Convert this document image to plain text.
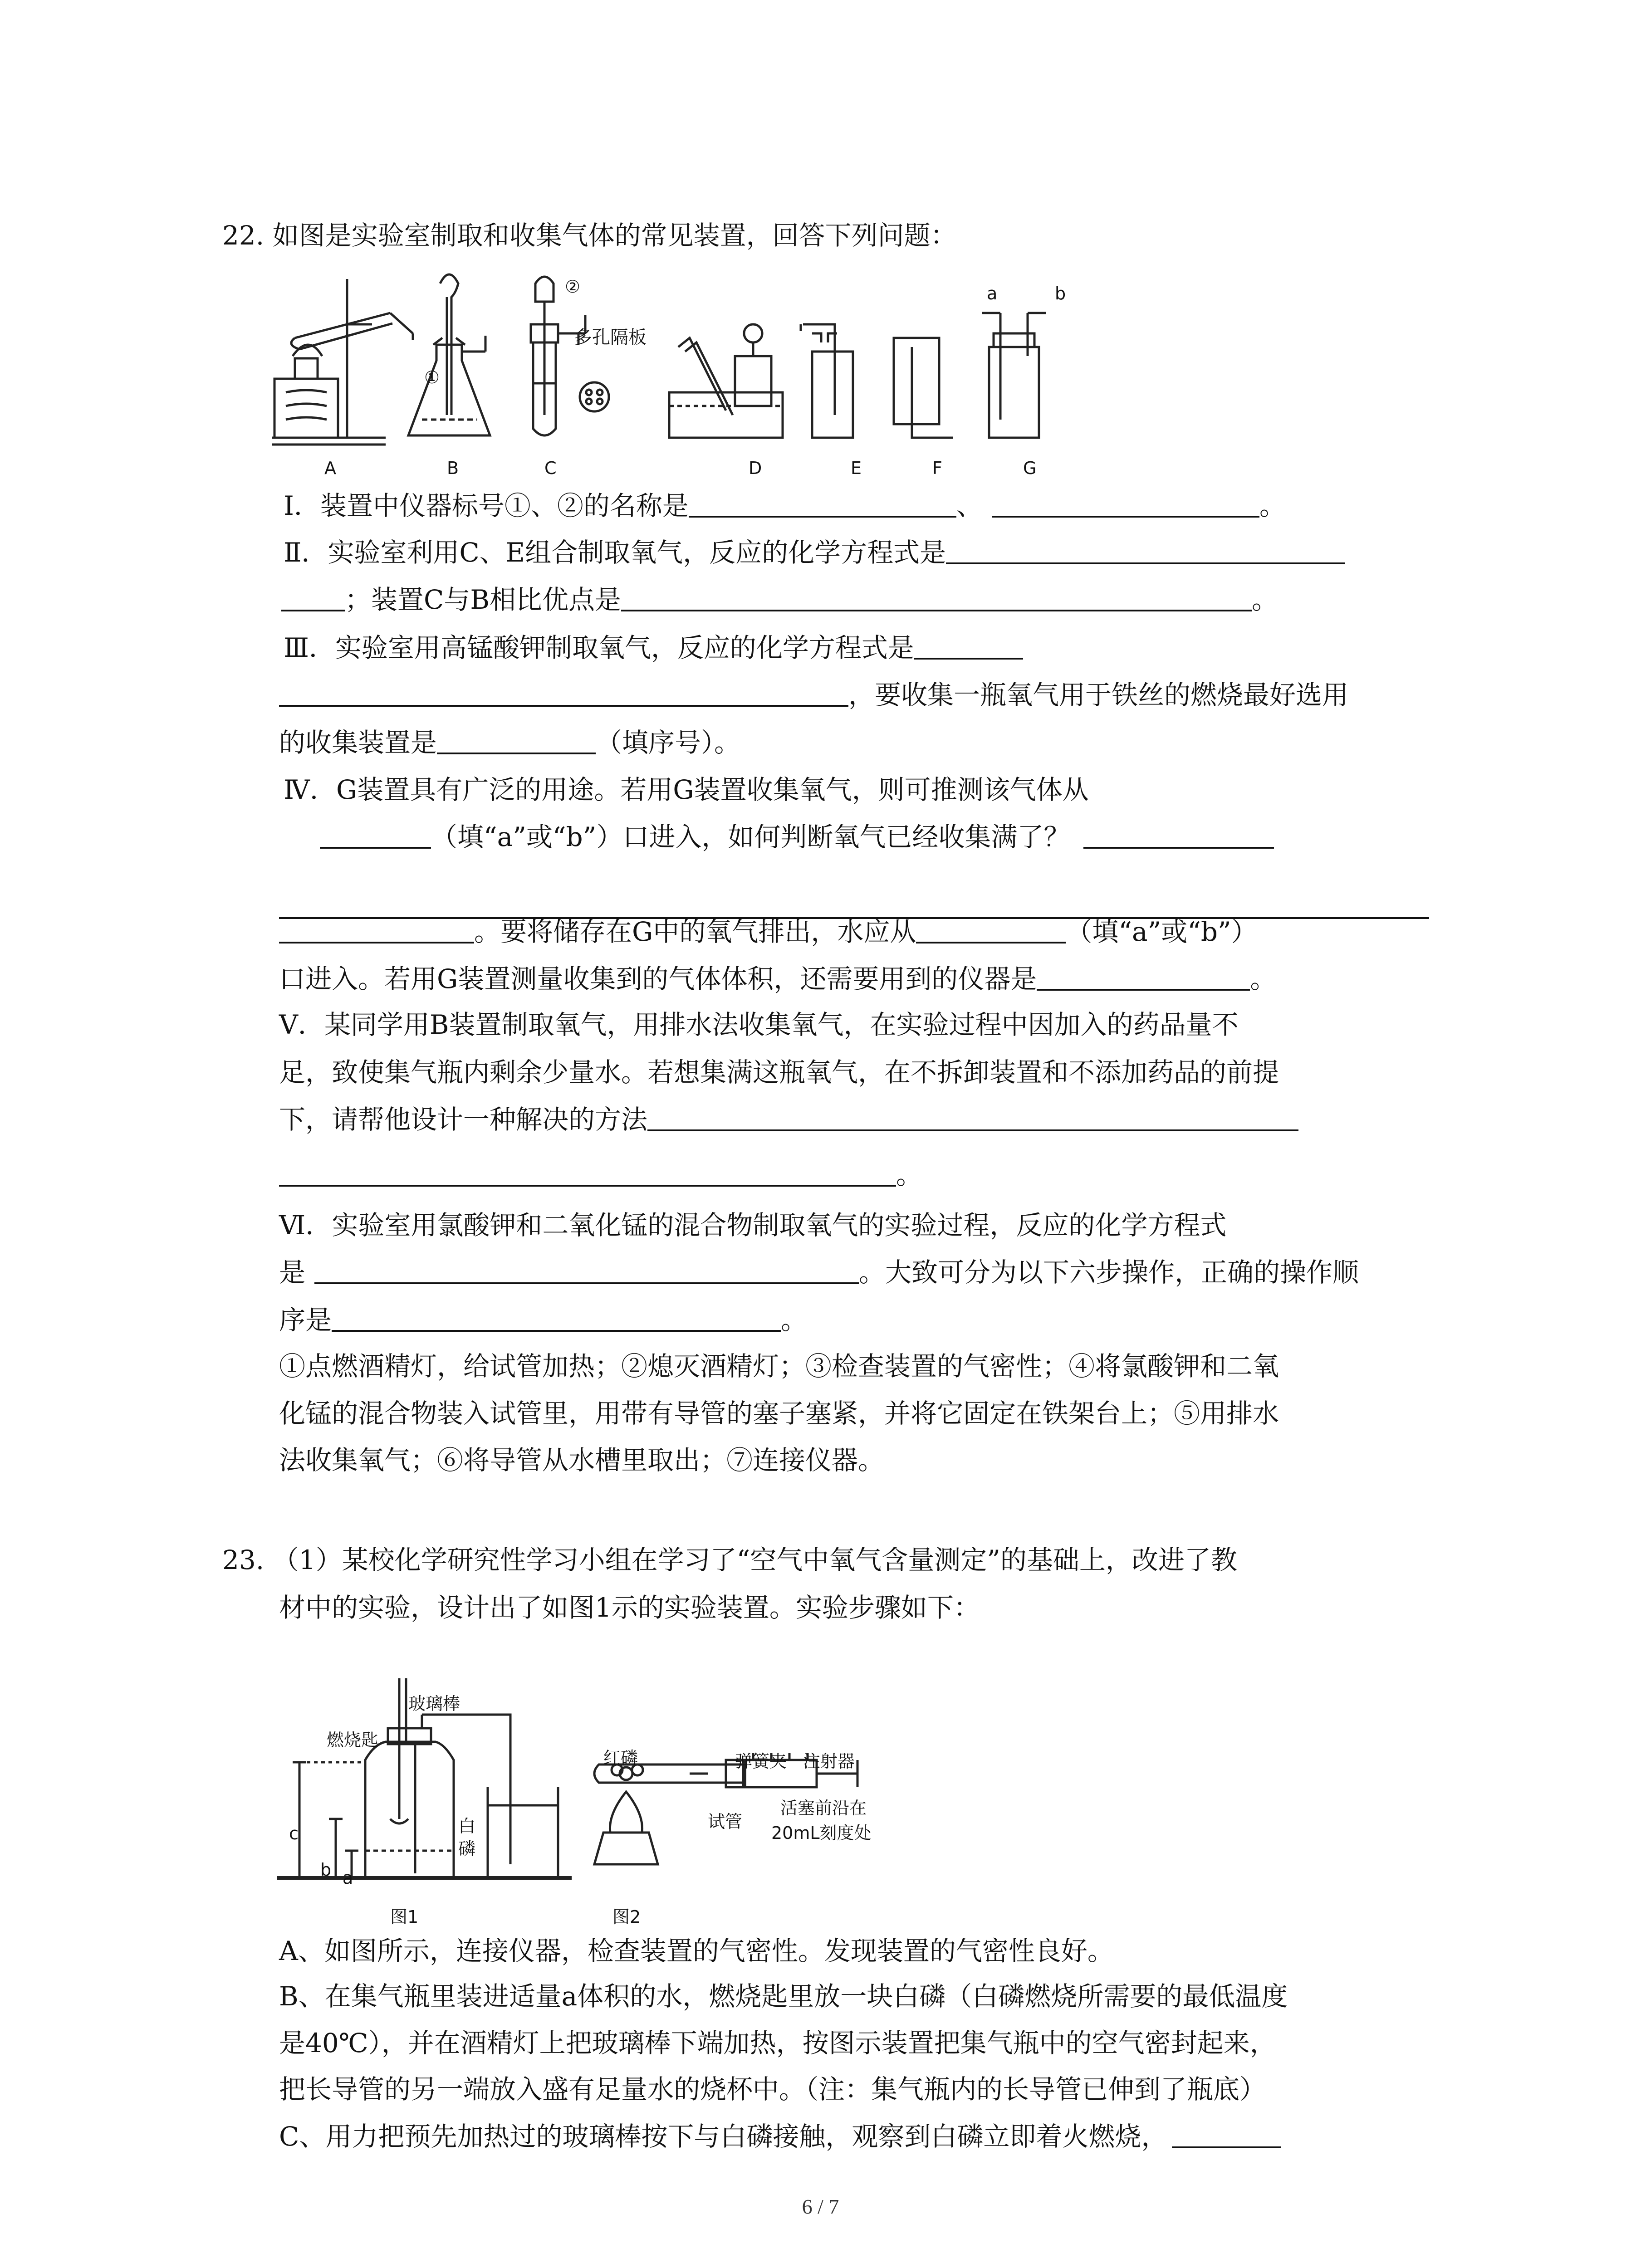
22. 如图是实验室制取和收集气体的常见装置，回答下列问题：
①
②
多孔隔板
a	b
A	B	C	D	E	F	G
Ⅰ．装置中仪器标号①、②的名称是	、	。
Ⅱ．实验室利用C、E组合制取氧气，反应的化学方程式是
；装置C与B相比优点是	。
Ⅲ．实验室用高锰酸钾制取氧气，反应的化学方程式是
，要收集一瓶氧气用于铁丝的燃烧最好选用
的收集装置是	（填序号）。
Ⅳ．G装置具有广泛的用途。若用G装置收集氧气，则可推测该气体从
（填“a”或“b”）口进入，如何判断氧气已经收集满了？
。要将储存在G中的氧气排出，水应从	（填“a”或“b”）
口进入。若用G装置测量收集到的气体体积，还需要用到的仪器是	。
Ⅴ．某同学用B装置制取氧气，用排水法收集氧气，在实验过程中因加入的药品量不
足，致使集气瓶内剩余少量水。若想集满这瓶氧气，在不拆卸装置和不添加药品的前提
下，请帮他设计一种解决的方法
。
Ⅵ．实验室用氯酸钾和二氧化锰的混合物制取氧气的实验过程，反应的化学方程式
是	。大致可分为以下六步操作，正确的操作顺
序是	。
①点燃酒精灯，给试管加热；②熄灭酒精灯；③检查装置的气密性；④将氯酸钾和二氧
化锰的混合物装入试管里，用带有导管的塞子塞紧，并将它固定在铁架台上；⑤用排水
法收集氧气；⑥将导管从水槽里取出；⑦连接仪器。
23. （1）某校化学研究性学习小组在学习了“空气中氧气含量测定”的基础上，改进了教
材中的实验，设计出了如图1示的实验装置。实验步骤如下：
玻璃棒
燃烧匙
白
磷
c
b a
图1
红磷	弹簧夹 注射器
试管
活塞前沿在
20mL刻度处
图2
A、如图所示，连接仪器，检查装置的气密性。发现装置的气密性良好。
B、在集气瓶里装进适量a体积的水，燃烧匙里放一块白磷（白磷燃烧所需要的最低温度
是40℃），并在酒精灯上把玻璃棒下端加热，按图示装置把集气瓶中的空气密封起来，
把长导管的另一端放入盛有足量水的烧杯中。（注：集气瓶内的长导管已伸到了瓶底）
C、用力把预先加热过的玻璃棒按下与白磷接触，观察到白磷立即着火燃烧，
6 / 7
